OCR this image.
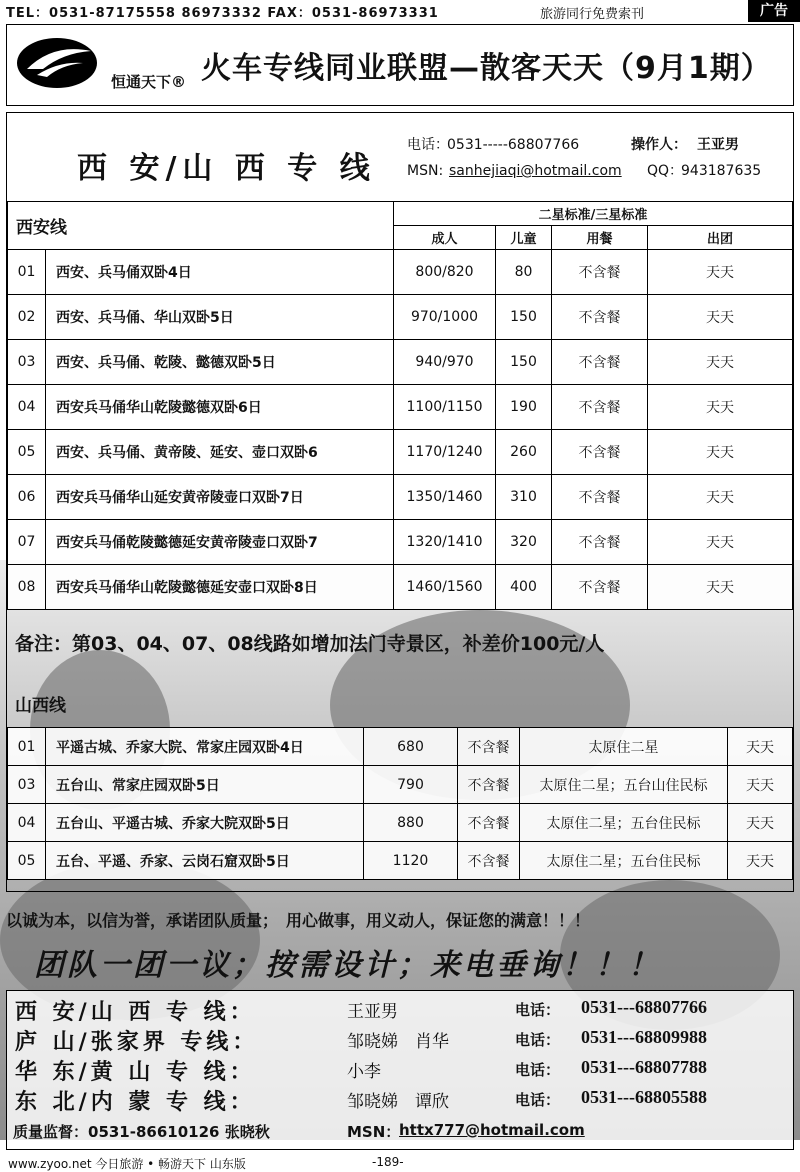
TEL：0531-87175558 86973332 FAX：0531-86973331	旅游同行免费索刊	广告
恒通天下® 火车专线同业联盟—散客天天（9月1期）
西 安/山 西 专 线
电话：
0531-----68807766	操作人： 王亚男
MSN: sanhejiaqi@hotmail.com QQ：
943187635
西安线		二星标准/三星标准			
		成人	儿童	用餐	出团
01	西安、兵马俑双卧4日	800/820	80	不含餐	天天
02	西安、兵马俑、华山双卧5日	970/1000	150	不含餐	天天
03	西安、兵马俑、乾陵、懿德双卧5日	940/970	150	不含餐	天天
04	西安兵马俑华山乾陵懿德双卧6日	1100/1150	190	不含餐	天天
05	西安、兵马俑、黄帝陵、延安、壶口双卧6	1170/1240	260	不含餐	天天
06	西安兵马俑华山延安黄帝陵壶口双卧7日	1350/1460	310	不含餐	天天
07	西安兵马俑乾陵懿德延安黄帝陵壶口双卧7	1320/1410	320	不含餐	天天
08	西安兵马俑华山乾陵懿德延安壶口双卧8日	1460/1560	400	不含餐	天天
备注：第03、04、07、08线路如增加法门寺景区，补差价100元/人
山西线
01	平遥古城、乔家大院、常家庄园双卧4日	680	不含餐	太原住二星	天天
03	五台山、常家庄园双卧5日	790	不含餐	太原住二星；五台山住民标	天天
04	五台山、平遥古城、乔家大院双卧5日	880	不含餐	太原住二星；五台住民标	天天
05	五台、平遥、乔家、云岗石窟双卧5日	1120	不含餐	太原住二星；五台住民标	天天
以诚为本，以信为誉，承诺团队质量；　用心做事，用义动人，保证您的满意！！！
团队一团一议；按需设计；来电垂询！！！
西 安/山 西 专 线：	王亚男	电话： 0531---68807766
庐 山/张家界 专线：	邹晓娣　肖华	电话： 0531---68809988
华 东/黄 山 专 线：	小李	电话： 0531---68807788
东 北/内 蒙 专 线：	邹晓娣　谭欣	电话： 0531---68805588
质量监督：0531-86610126 张晓秋	MSN：
httx777@hotmail.com
www.zyoo.net 今日旅游 • 畅游天下 山东版	-189-
